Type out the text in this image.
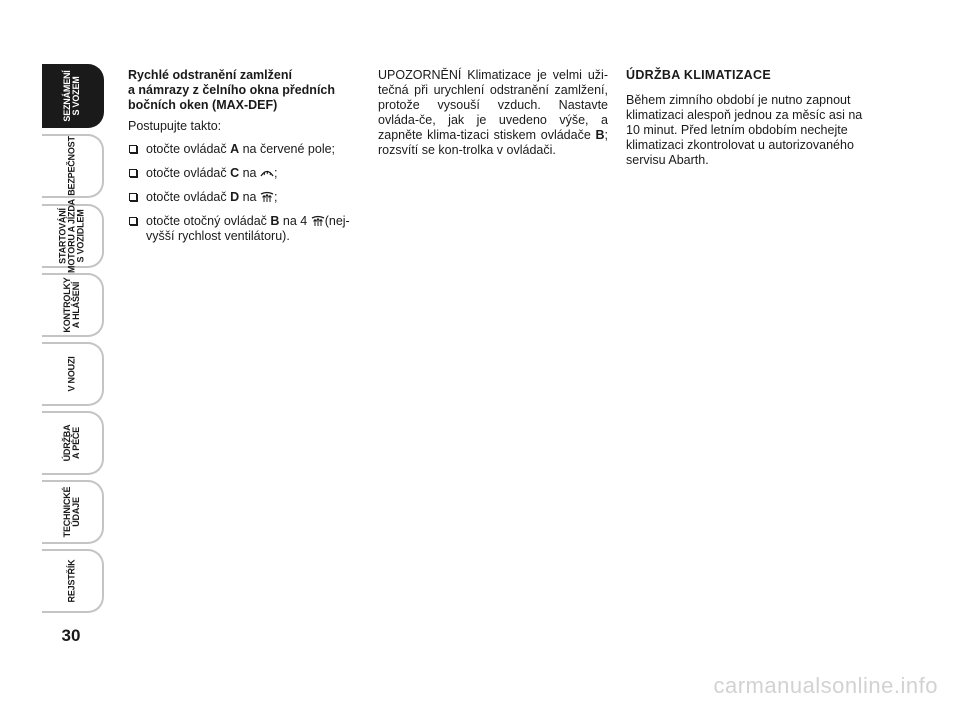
SEZNÁMENÍ
S VOZEM
BEZPEČNOST
STARTOVÁNÍ
MOTORU A JÍZDA
S VOZIDLEM
KONTROLKY
A HLÁŠENÍ
V NOUZI
ÚDRŽBA
A PÉČE
TECHNICKÉ
ÚDAJE
REJSTŘÍK
30
Rychlé odstranění zamlžení
a námrazy z čelního okna předních
bočních oken (MAX-DEF)

Postupujte takto:

otočte ovládač A na červené pole;
otočte ovládač C na ;
otočte ovládač D na ;
otočte otočný ovládač B na 4 (nej-vyšší rychlost ventilátoru).

UPOZORNĚNÍ Klimatizace je velmi uži-tečná při urychlení odstranění zamlžení, protože vysouší vzduch. Nastavte ovláda-če, jak je uvedeno výše, a zapněte klima-tizaci stiskem ovládače B; rozsvítí se kon-trolka v ovládači.

ÚDRŽBA KLIMATIZACE

Během zimního období je nutno zapnout klimatizaci alespoň jednou za měsíc asi na 10 minut. Před letním obdobím nechejte klimatizaci zkontrolovat u autorizovaného servisu Abarth.

carmanualsonline.info
